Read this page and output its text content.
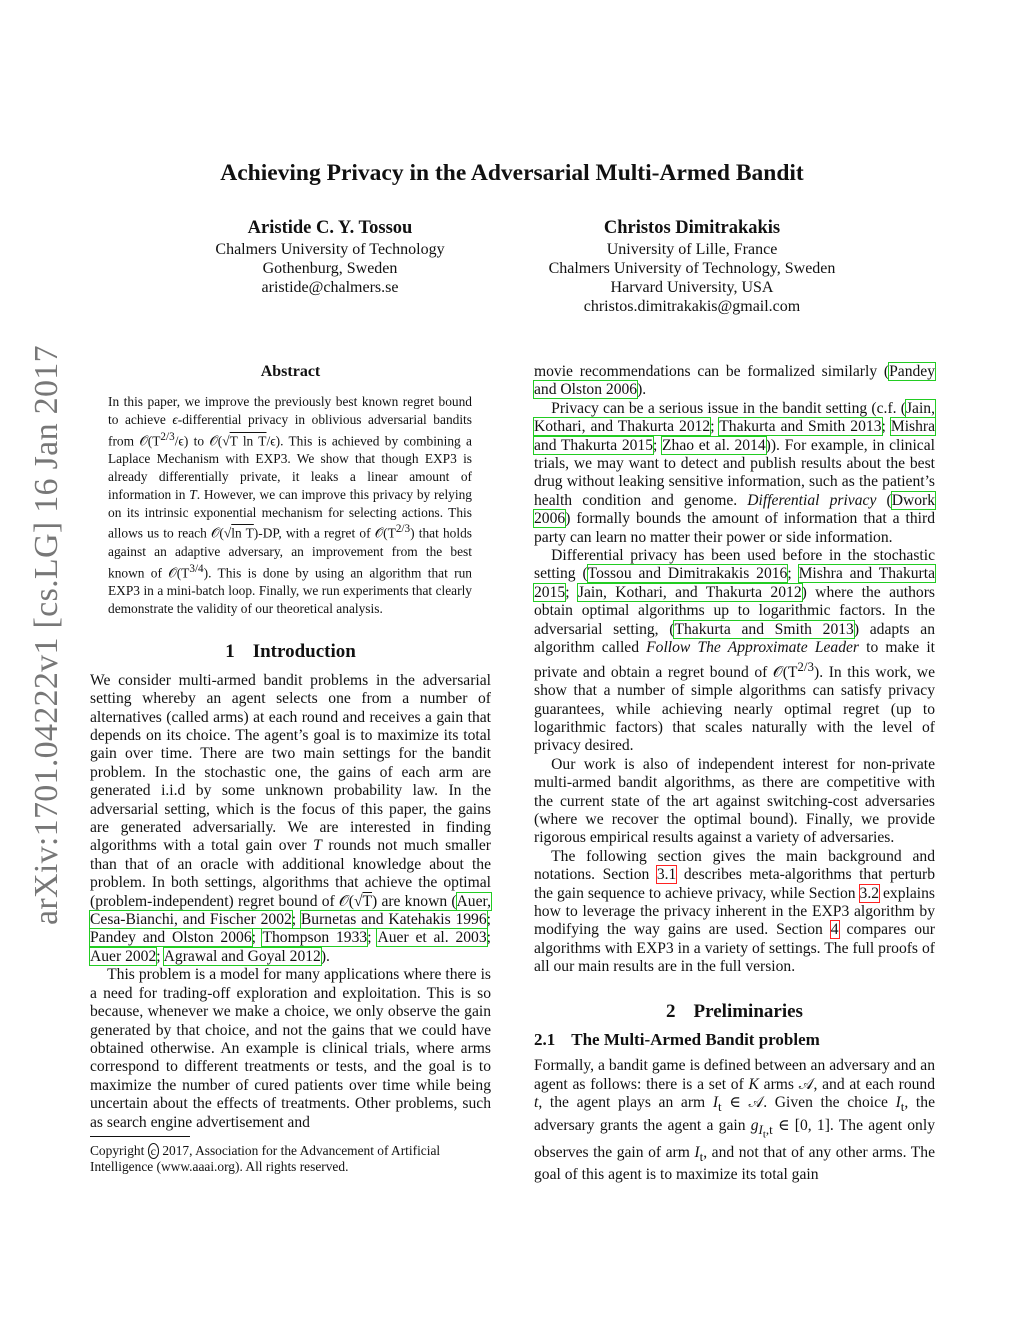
arXiv:1701.04222v1 [cs.LG] 16 Jan 2017
Achieving Privacy in the Adversarial Multi-Armed Bandit
Aristide C. Y. Tossou
Chalmers University of Technology
Gothenburg, Sweden
aristide@chalmers.se
Christos Dimitrakakis
University of Lille, France
Chalmers University of Technology, Sweden
Harvard University, USA
christos.dimitrakakis@gmail.com
Abstract
In this paper, we improve the previously best known regret bound to achieve ϵ-differential privacy in oblivious adversarial bandits from $𝒪(T^{2/3}/\epsilon)$ to 𝒪(√T ln T/ϵ). This is achieved by combining a Laplace Mechanism with EXP3. We show that though EXP3 is already differentially private, it leaks a linear amount of information in T. However, we can improve this privacy by relying on its intrinsic exponential mechanism for selecting actions. This allows us to reach 𝒪(√ln T)-DP, with a regret of $𝒪(T^{2/3})$ that holds against an adaptive adversary, an improvement from the best known of $𝒪(T^{3/4})$. This is done by using an algorithm that run EXP3 in a mini-batch loop. Finally, we run experiments that clearly demonstrate the validity of our theoretical analysis.
1 Introduction

We consider multi-armed bandit problems in the adversarial setting whereby an agent selects one from a number of alternatives (called arms) at each round and receives a gain that depends on its choice. The agent’s goal is to maximize its total gain over time. There are two main settings for the bandit problem. In the stochastic one, the gains of each arm are generated i.i.d by some unknown probability law. In the adversarial setting, which is the focus of this paper, the gains are generated adversarially. We are interested in finding algorithms with a total gain over T rounds not much smaller than that of an oracle with additional knowledge about the problem. In both settings, algorithms that achieve the optimal (problem-independent) regret bound of 𝒪(√T) are known (Auer, Cesa-Bianchi, and Fischer 2002; Burnetas and Katehakis 1996; Pandey and Olston 2006; Thompson 1933; Auer et al. 2003; Auer 2002; Agrawal and Goyal 2012).

This problem is a model for many applications where there is a need for trading-off exploration and exploitation. This is so because, whenever we make a choice, we only observe the gain generated by that choice, and not the gains that we could have obtained otherwise. An example is clinical trials, where arms correspond to different treatments or tests, and the goal is to maximize the number of cured patients over time while being uncertain about the effects of treatments. Other problems, such as search engine advertisement and

Copyright c 2017, Association for the Advancement of Artificial Intelligence (www.aaai.org). All rights reserved.

movie recommendations can be formalized similarly (Pandey and Olston 2006).

Privacy can be a serious issue in the bandit setting (c.f. (Jain, Kothari, and Thakurta 2012; Thakurta and Smith 2013; Mishra and Thakurta 2015; Zhao et al. 2014)). For example, in clinical trials, we may want to detect and publish results about the best drug without leaking sensitive information, such as the patient’s health condition and genome. Differential privacy (Dwork 2006) formally bounds the amount of information that a third party can learn no matter their power or side information.

Differential privacy has been used before in the stochastic setting (Tossou and Dimitrakakis 2016; Mishra and Thakurta 2015; Jain, Kothari, and Thakurta 2012) where the authors obtain optimal algorithms up to logarithmic factors. In the adversarial setting, (Thakurta and Smith 2013) adapts an algorithm called Follow The Approximate Leader to make it private and obtain a regret bound of $𝒪(T^{2/3})$. In this work, we show that a number of simple algorithms can satisfy privacy guarantees, while achieving nearly optimal regret (up to logarithmic factors) that scales naturally with the level of privacy desired.

Our work is also of independent interest for non-private multi-armed bandit algorithms, as there are competitive with the current state of the art against switching-cost adversaries (where we recover the optimal bound). Finally, we provide rigorous empirical results against a variety of adversaries.

The following section gives the main background and notations. Section 3.1 describes meta-algorithms that perturb the gain sequence to achieve privacy, while Section 3.2 explains how to leverage the privacy inherent in the EXP3 algorithm by modifying the way gains are used. Section 4 compares our algorithms with EXP3 in a variety of settings. The full proofs of all our main results are in the full version.

2 Preliminaries
2.1 The Multi-Armed Bandit problem

Formally, a bandit game is defined between an adversary and an agent as follows: there is a set of K arms 𝒜, and at each round t, the agent plays an arm $I_t$ ∈ 𝒜. Given the choice $I_t$, the adversary grants the agent a gain $g_{I_t,t}$ ∈ [0, 1]. The agent only observes the gain of arm $I_t$, and not that of any other arms. The goal of this agent is to maximize its total gain
